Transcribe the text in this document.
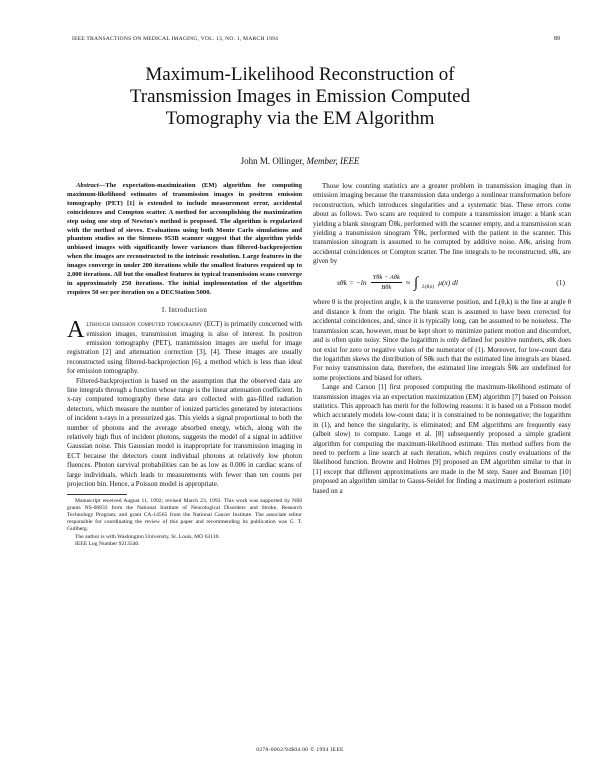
IEEE TRANSACTIONS ON MEDICAL IMAGING, VOL. 13, NO. 1, MARCH 1994	89
Maximum-Likelihood Reconstruction of
Transmission Images in Emission Computed
Tomography via the EM Algorithm
John M. Ollinger, Member, IEEE

Abstract—The expectation-maximization (EM) algorithm for computing maximum-likelihood estimates of transmission images in positron emission tomography (PET) [1] is extended to include measurement error, accidental coincidences and Compton scatter. A method for accomplishing the maximization step using one step of Newton's method is proposed. The algorithm is regularized with the method of sieves. Evaluations using both Monte Carlo simulations and phantom studies on the Siemens 953B scanner suggest that the algorithm yields unbiased images with significantly lower variances than filtered-backprojection when the images are reconstructed to the intrinsic resolution. Large features in the images converge in under 200 iterations while the smallest features required up to 2,000 iterations. All but the smallest features in typical transmission scans converge in approximately 250 iterations. The initial implementation of the algorithm requires 50 sec per iteration on a DECStation 5000.

I. Introduction

Although emission computed tomography (ECT) is primarily concerned with emission images, transmission imaging is also of interest. In positron emission tomography (PET), transmission images are useful for image registration [2] and attenuation correction [3], [4]. These images are usually reconstructed using filtered-backprojection [6], a method which is less than ideal for emission tomography.

Filtered-backprojection is based on the assumption that the observed data are line integrals through a function whose range is the linear attenuation coefficient. In x-ray computed tomography these data are collected with gas-filled radiation detectors, which measure the number of ionized particles generated by interactions of incident x-rays in a pressurized gas. This yields a signal proportional to both the number of photons and the average absorbed energy, which, along with the relatively high flux of incident photons, suggests the model of a signal in additive Gaussian noise. This Gaussian model is inappropriate for transmission imaging in ECT because the detectors count individual photons at relatively low photon fluences. Photon survival probabilities can be as low as 0.006 in cardiac scans of large individuals, which leads to measurements with fewer than ten counts per projection bin. Hence, a Poisson model is appropriate.

Manuscript received August 11, 1992; revised March 23, 1993. This work was supported by NIH grants NS-06833 from the National Institute of Neurological Disorders and Stroke, Research Technology Program, and grant CA-14565 from the National Cancer Institute. The associate editor responsible for coordinating the review of this paper and recommending its publication was G. T. Gullberg.

The author is with Washington University, St. Louis, MO 63110.

IEEE Log Number 9213540.

Those low counting statistics are a greater problem in transmission imaging than in emission imaging because the transmission data undergo a nonlinear transformation before reconstruction, which introduces singularities and a systematic bias. These errors come about as follows. Two scans are required to compute a transmission image: a blank scan yielding a blank sinogram Ūθk, performed with the scanner empty, and a transmission scan yielding a transmission sinogram Ȳθk, performed with the patient in the scanner. This transmission sinogram is assumed to be corrupted by additive noise, Aθk, arising from accidental coincidences or Compton scatter. The line integrals to be reconstructed, sθk, are given by

$s\theta k = -\ln \frac{\text{Yθk − Aθk}}{\text{Bθk}}$ ≈ ∫ L(θ,k)
μ(x) dl	(1)

where θ is the projection angle, k is the transverse position, and L(θ,k) is the line at angle θ and distance k from the origin. The blank scan is assumed to have been corrected for accidental coincidences, and, since it is typically long, can be assumed to be noiseless. The transmission scan, however, must be kept short to minimize patient motion and discomfort, and is often quite noisy. Since the logarithm is only defined for positive numbers, sθk does not exist for zero or negative values of the numerator of (1). Moreover, for low-count data the logarithm skews the distribution of Sθk such that the estimated line integrals are biased. For noisy transmission data, therefore, the estimated line integrals Ŝθk are undefined for some projections and biased for others.

Lange and Carson [1] first proposed computing the maximum-likelihood estimate of transmission images via an expectation maximization (EM) algorithm [7] based on Poisson statistics. This approach has merit for the following reasons: it is based on a Poisson model which accurately models low-count data; it is constrained to be nonnegative; the logarithm in (1), and hence the singularity, is eliminated; and EM algorithms are frequently easy (albeit slow) to compute. Lange et al. [8] subsequently proposed a simple gradient algorithm for computing the maximum-likelihood estimate. This method suffers from the need to perform a line search at each iteration, which requires costly evaluations of the likelihood function. Browne and Holmes [9] proposed an EM algorithm similar to that in [1] except that different approximations are made in the M step. Sauer and Bouman [10] proposed an algorithm similar to Gauss-Seidel for finding a maximum a posteriori estimate based on a

0278-0062/94$04.00 © 1994 IEEE
